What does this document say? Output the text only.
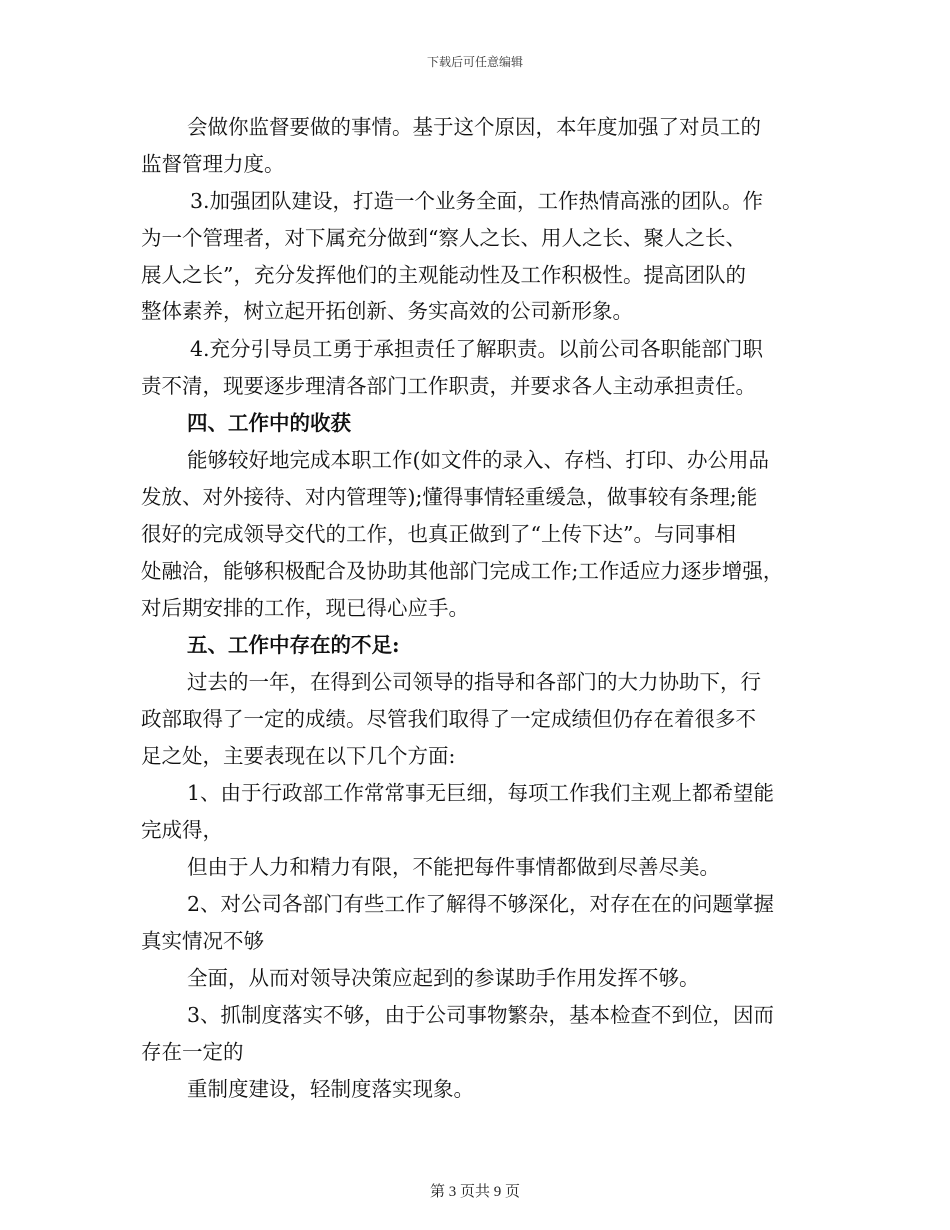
下载后可任意编辑
会做你监督要做的事情。基于这个原因，本年度加强了对员工的
监督管理力度。
3.加强团队建设，打造一个业务全面，工作热情高涨的团队。作
为一个管理者，对下属充分做到“察人之长、用人之长、聚人之长、
展人之长”，充分发挥他们的主观能动性及工作积极性。提高团队的
整体素养，树立起开拓创新、务实高效的公司新形象。
4.充分引导员工勇于承担责任了解职责。以前公司各职能部门职
责不清，现要逐步理清各部门工作职责，并要求各人主动承担责任。
四、工作中的收获
能够较好地完成本职工作(如文件的录入、存档、打印、办公用品
发放、对外接待、对内管理等);懂得事情轻重缓急，做事较有条理;能
很好的完成领导交代的工作，也真正做到了“上传下达”。与同事相
处融洽，能够积极配合及协助其他部门完成工作;工作适应力逐步增强，
对后期安排的工作，现已得心应手。
五、工作中存在的不足:
过去的一年，在得到公司领导的指导和各部门的大力协助下，行
政部取得了一定的成绩。尽管我们取得了一定成绩但仍存在着很多不
足之处，主要表现在以下几个方面:
1、由于行政部工作常常事无巨细，每项工作我们主观上都希望能
完成得，
但由于人力和精力有限，不能把每件事情都做到尽善尽美。
2、对公司各部门有些工作了解得不够深化，对存在在的问题掌握
真实情况不够
全面，从而对领导决策应起到的参谋助手作用发挥不够。
3、抓制度落实不够，由于公司事物繁杂，基本检查不到位，因而
存在一定的
重制度建设，轻制度落实现象。
第 3 页共 9 页
